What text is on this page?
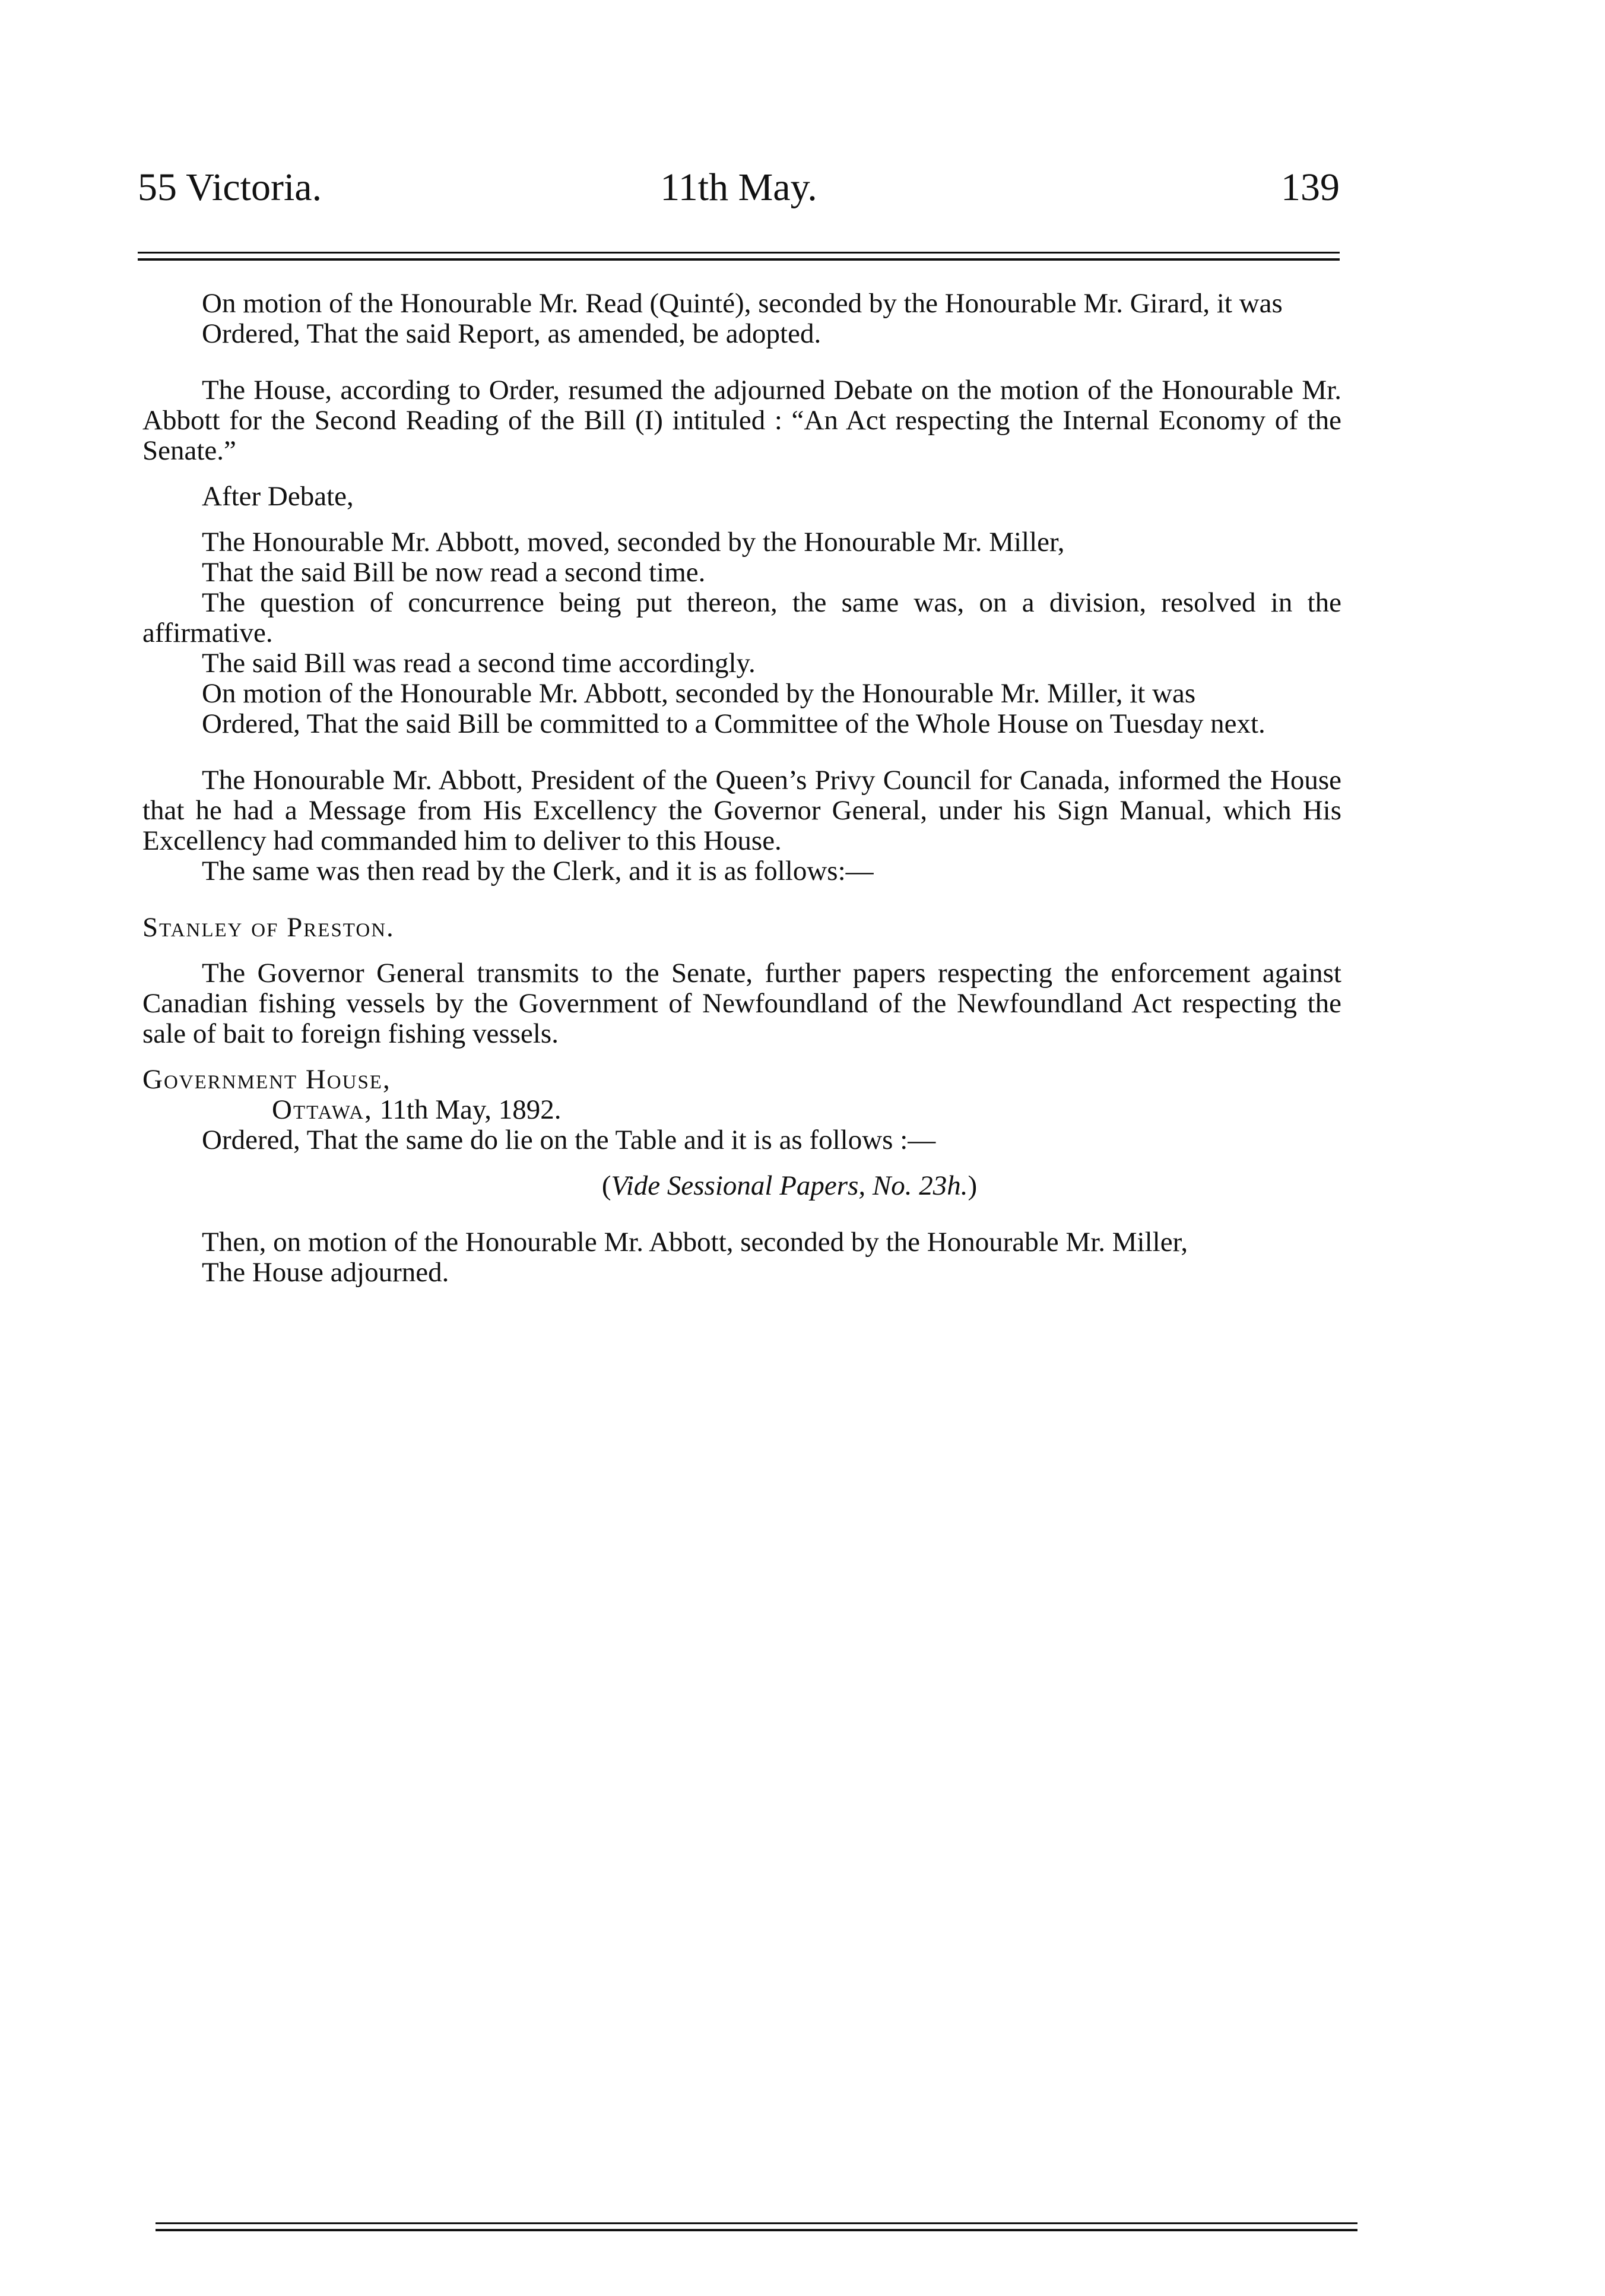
55 Victoria.	11th May.	139

On motion of the Honourable Mr. Read (Quinté), seconded by the Honourable Mr. Girard, it was

Ordered, That the said Report, as amended, be adopted.

The House, according to Order, resumed the adjourned Debate on the motion of the Honourable Mr. Abbott for the Second Reading of the Bill (I) intituled : “An Act respecting the Internal Economy of the Senate.”

After Debate,

The Honourable Mr. Abbott, moved, seconded by the Honourable Mr. Miller,

That the said Bill be now read a second time.

The question of concurrence being put thereon, the same was, on a division, resolved in the affirmative.

The said Bill was read a second time accordingly.

On motion of the Honourable Mr. Abbott, seconded by the Honourable Mr. Miller, it was

Ordered, That the said Bill be committed to a Committee of the Whole House on Tuesday next.

The Honourable Mr. Abbott, President of the Queen’s Privy Council for Canada, informed the House that he had a Message from His Excellency the Governor General, under his Sign Manual, which His Excellency had commanded him to deliver to this House.

The same was then read by the Clerk, and it is as follows:—

Stanley of Preston.

The Governor General transmits to the Senate, further papers respecting the enforcement against Canadian fishing vessels by the Government of Newfoundland of the Newfoundland Act respecting the sale of bait to foreign fishing vessels.

Government House,

Ottawa, 11th May, 1892.

Ordered, That the same do lie on the Table and it is as follows :—

(Vide Sessional Papers, No. 23h.)

Then, on motion of the Honourable Mr. Abbott, seconded by the Honourable Mr. Miller,

The House adjourned.
